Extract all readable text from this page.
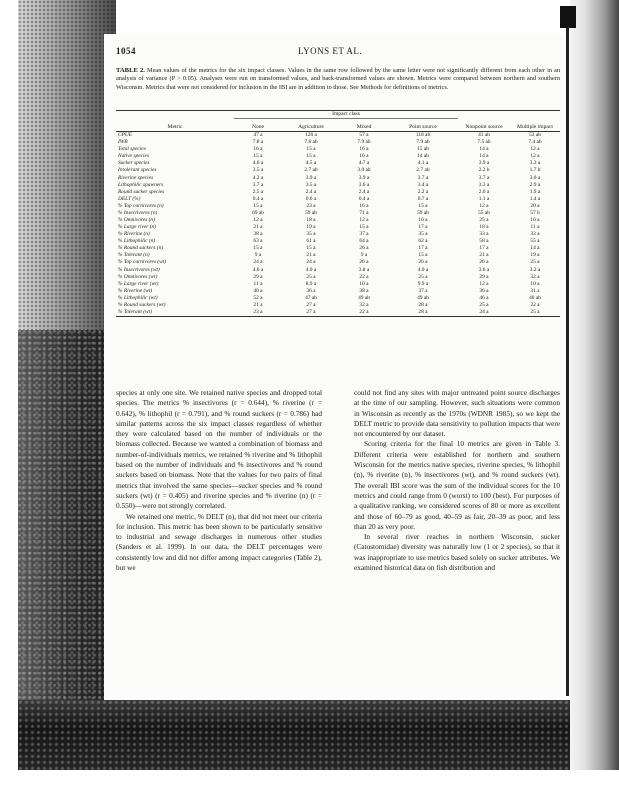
1054	LYONS ET AL.
TABLE 2. Mean values of the metrics for the six impact classes. Values in the same row followed by the same letter were not significantly different from each other in an analysis of variance (P > 0.05). Analyses were run on transformed values, and back-transformed values are shown. Metrics were compared between northern and southern Wisconsin. Metrics that were not considered for inclusion in the IBI are in addition to those. See Methods for definitions of metrics.
	Impact class					
Metric	None	Agriculture	Mixed	Point source	Nonpoint source	Multiple impact
CPUE	47 a	126 a	57 a	118 ab	41 ab	53 ab
IWB	7.8 a	7.8 ab	7.9 ab	7.9 ab	7.5 ab	7.4 ab
Total species	16 a	15 a	16 a	15 ab	14 a	12 a
Native species	15 a	15 a	16 a	14 ab	14 a	12 a
Sucker species	4.6 a	4.5 a	4.7 a	4.1 a	3.9 a	3.3 a
Intolerant species	3.5 a	2.7 ab	3.0 ab	2.7 ab	2.2 b	1.7 b
Riverine species	4.2 a	3.9 a	3.9 a	3.7 a	3.7 a	3.0 a
Lithophilic spawners	3.7 a	3.5 a	3.6 a	3.4 a	3.3 a	2.9 a
Round sucker species	2.5 a	2.4 a	2.4 a	2.2 a	2.0 a	1.9 a
DELT (%)	0.4 a	0.6 a	0.4 a	0.7 a	1.1 a	1.4 a
% Top carnivores (n)	15 a	23 a	16 a	15 a	12 a	20 a
% Insectivores (n)	69 ab	59 ab	71 a	59 ab	55 ab	57 b
% Omnivores (n)	12 a	18 a	12 a	16 a	25 a	16 a
% Large river (n)	21 a	19 a	15 a	17 a	18 a	11 a
% Riverine (n)	38 a	35 a	37 a	35 a	33 a	33 a
% Lithophilic (n)	63 a	61 a	64 a	62 a	58 a	55 a
% Round suckers (n)	15 a	15 a	26 a	17 a	17 a	14 a
% Tolerant (n)	9 a	21 a	9 a	15 a	21 a	19 a
% Top carnivores (wt)	24 a	24 a	26 a	26 a	26 a	25 a
% Insectivores (wt)	4.6 a	4.0 a	3.8 a	4.0 a	3.6 a	3.2 a
% Omnivores (wt)	29 a	25 a	22 a	25 a	29 a	32 a
% Large river (wt)	11 a	8.9 a	10 a	9.9 a	12 a	10 a
% Riverine (wt)	40 a	36 a	38 a	37 a	36 a	31 a
% Lithophilic (wt)	52 a	47 ab	49 ab	49 ab	46 a	40 ab
% Round suckers (wt)	21 a	27 a	32 a	28 a	25 a	22 a
% Tolerant (wt)	23 a	27 a	22 a	28 a	24 a	25 a

species at only one site. We retained native species and dropped total species. The metrics % insectivores (r = 0.644), % riverine (r = 0.642), % lithophil (r = 0.791), and % round suckers (r = 0.786) had similar patterns across the six impact classes regardless of whether they were calculated based on the number of individuals or the biomass collected. Because we wanted a combination of biomass and number-of-individuals metrics, we retained % riverine and % lithophil based on the number of individuals and % insectivores and % round suckers based on biomass. Note that the values for two pairs of final metrics that involved the same species—sucker species and % round suckers (wt) (r = 0.405) and riverine species and % riverine (n) (r = 0.550)—were not strongly correlated.

We retained one metric, % DELT (n), that did not meet our criteria for inclusion. This metric has been shown to be particularly sensitive to industrial and sewage discharges in numerous other studies (Sanders et al. 1999). In our data, the DELT percentages were consistently low and did not differ among impact categories (Table 2), but we

could not find any sites with major untreated point source discharges at the time of our sampling. However, such situations were common in Wisconsin as recently as the 1970s (WDNR 1985), so we kept the DELT metric to provide data sensitivity to pollution impacts that were not encountered by our dataset.

Scoring criteria for the final 10 metrics are given in Table 3. Different criteria were established for northern and southern Wisconsin for the metrics native species, riverine species, % lithophil (n), % riverine (n), % insectivores (wt), and % round suckers (wt). The overall IBI score was the sum of the individual scores for the 10 metrics and could range from 0 (worst) to 100 (best). For purposes of a qualitative ranking, we considered scores of 80 or more as excellent and those of 60–79 as good, 40–59 as fair, 20–39 as poor, and less than 20 as very poor.

In several river reaches in northern Wisconsin, sucker (Catostomidae) diversity was naturally low (1 or 2 species), so that it was inappropriate to use metrics based solely on sucker attributes. We examined historical data on fish distribution and
